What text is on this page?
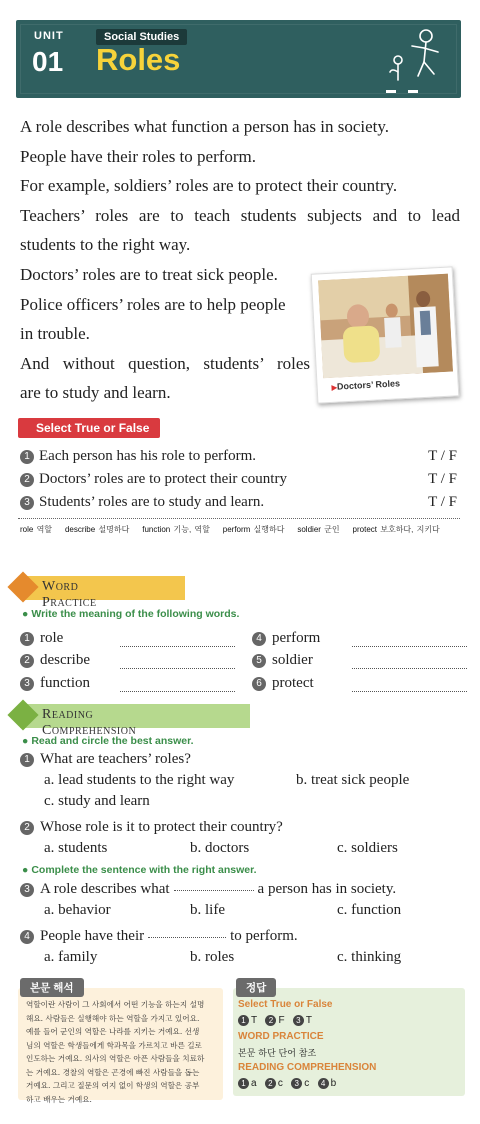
UNIT
01
Social Studies
Roles

A role describes what function a person has in society.

People have their roles to perform.

For example, soldiers’ roles are to protect their country.

Teachers’ roles are to teach students subjects and to lead

students to the right way.

Doctors’ roles are to treat sick people.

Police officers’ roles are to help people

in trouble.

And without question, students’ roles

are to study and learn.	▶Doctors’ Roles
Select True or False
1 Each person has his role to perform.	T / F
2 Doctors’ roles are to protect their country	T / F
3 Students’ roles are to study and learn.	T / F
role 역할 describe 설명하다 function 기능, 역할 perform 실행하다 soldier 군인 protect 보호하다, 지키다
Word Practice
● Write the meaning of the following words.
1 role
2 describe
3 function
4 perform
5 soldier
6 protect
Reading Comprehension
● Read and circle the best answer.
1 What are teachers’ roles?
a. lead students to the right way	b. treat sick people
c. study and learn
2 Whose role is it to protect their country?
a. students	b. doctors	c. soldiers
● Complete the sentence with the right answer.
3 A role describes what	a person has in society.
a. behavior	b. life	c. function
4 People have their	to perform.
a. family	b. roles	c. thinking
본문 해석
역할이란 사람이 그 사회에서 어떤 기능을 하는지 설명
해요. 사람들은 실행해야 하는 역할을 가지고 있어요.
예를 들어 군인의 역할은 나라를 지키는 거예요. 선생
님의 역할은 학생들에게 학과목을 가르치고 바른 길로
인도하는 거예요. 의사의 역할은 아픈 사람들을 치료하
는 거예요. 경찰의 역할은 곤경에 빠진 사람들을 돕는
거예요. 그리고 질문의 여지 없이 학생의 역할은 공부
하고 배우는 거예요.
정답
Select True or False
1 T 2 F 3 T
WORD PRACTICE
본문 하단 단어 참조
READING COMPREHENSION
1 a 2 c 3 c 4 b
